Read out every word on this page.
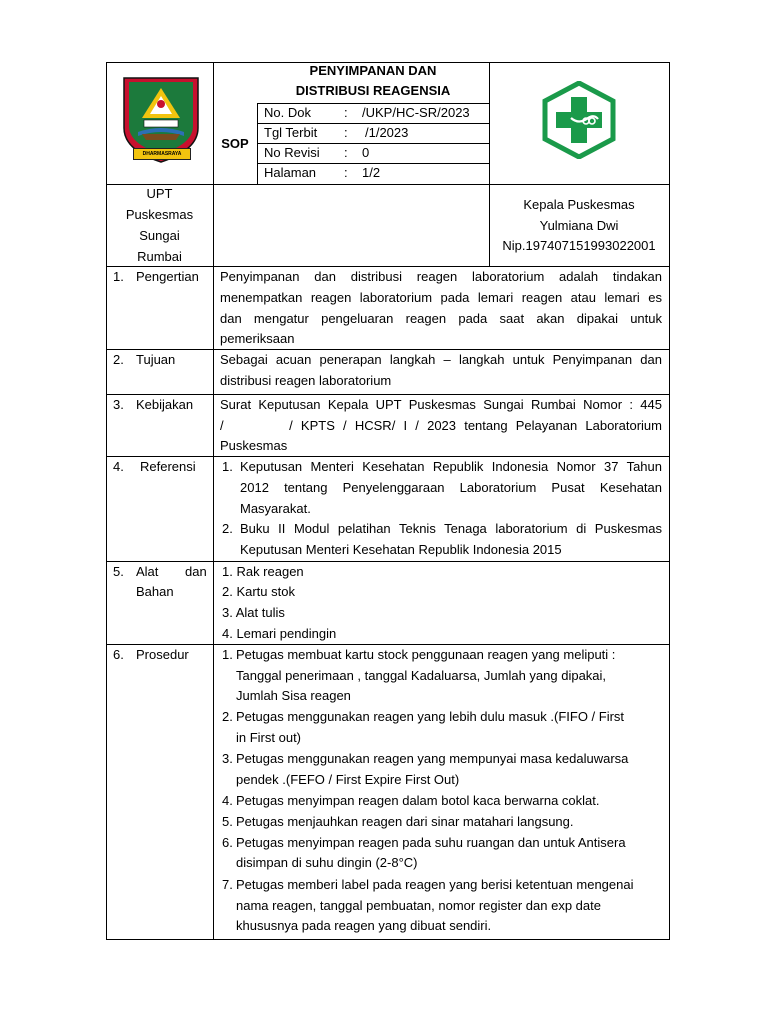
DHARMASRAYA
PENYIMPANAN DAN
DISTRIBUSI REAGENSIA
SOP
No. Dok	: /UKP/HC-SR/2023
Tgl Terbit : /1/2023
No Revisi : 0
Halaman : 1/2
UPT
Puskesmas
Sungai
Rumbai
Kepala Puskesmas
Yulmiana Dwi
Nip.197407151993022001
1. Pengertian Penyimpanan dan distribusi reagen laboratorium adalah tindakan
menempatkan reagen laboratorium pada lemari reagen atau lemari es
dan mengatur pengeluaran reagen pada saat akan dipakai untuk
pemeriksaan
2. Tujuan	Sebagai acuan penerapan langkah – langkah untuk Penyimpanan dan
distribusi reagen laboratorium
3. Kebijakan Surat Keputusan Kepala UPT Puskesmas Sungai Rumbai Nomor : 445
/        / KPTS / HCSR/ I / 2023 tentang Pelayanan Laboratorium
Puskesmas
4. Referensi 1. Keputusan Menteri Kesehatan Republik Indonesia Nomor 37 Tahun
2012 tentang Penyelenggaraan Laboratorium Pusat Kesehatan
Masyarakat.
2. Buku II Modul pelatihan Teknis Tenaga laboratorium di Puskesmas
Keputusan Menteri Kesehatan Republik Indonesia 2015
5. Alat dan
Bahan
1. Rak reagen
2. Kartu stok
3. Alat tulis
4. Lemari pendingin
6. Prosedur	1. Petugas membuat kartu stock penggunaan reagen yang meliputi :
Tanggal penerimaan , tanggal Kadaluarsa, Jumlah yang dipakai,
Jumlah Sisa reagen
2. Petugas menggunakan reagen yang lebih dulu masuk .(FIFO / First
in First out)
3. Petugas menggunakan reagen yang mempunyai masa kedaluwarsa
pendek .(FEFO / First Expire First Out)
4. Petugas menyimpan reagen dalam botol kaca berwarna coklat.
5. Petugas menjauhkan reagen dari sinar matahari langsung.
6. Petugas menyimpan reagen pada suhu ruangan dan untuk Antisera
disimpan di suhu dingin (2-8°C)
7. Petugas memberi label pada reagen yang berisi ketentuan mengenai
nama reagen, tanggal pembuatan, nomor register dan exp date
khususnya pada reagen yang dibuat sendiri.
